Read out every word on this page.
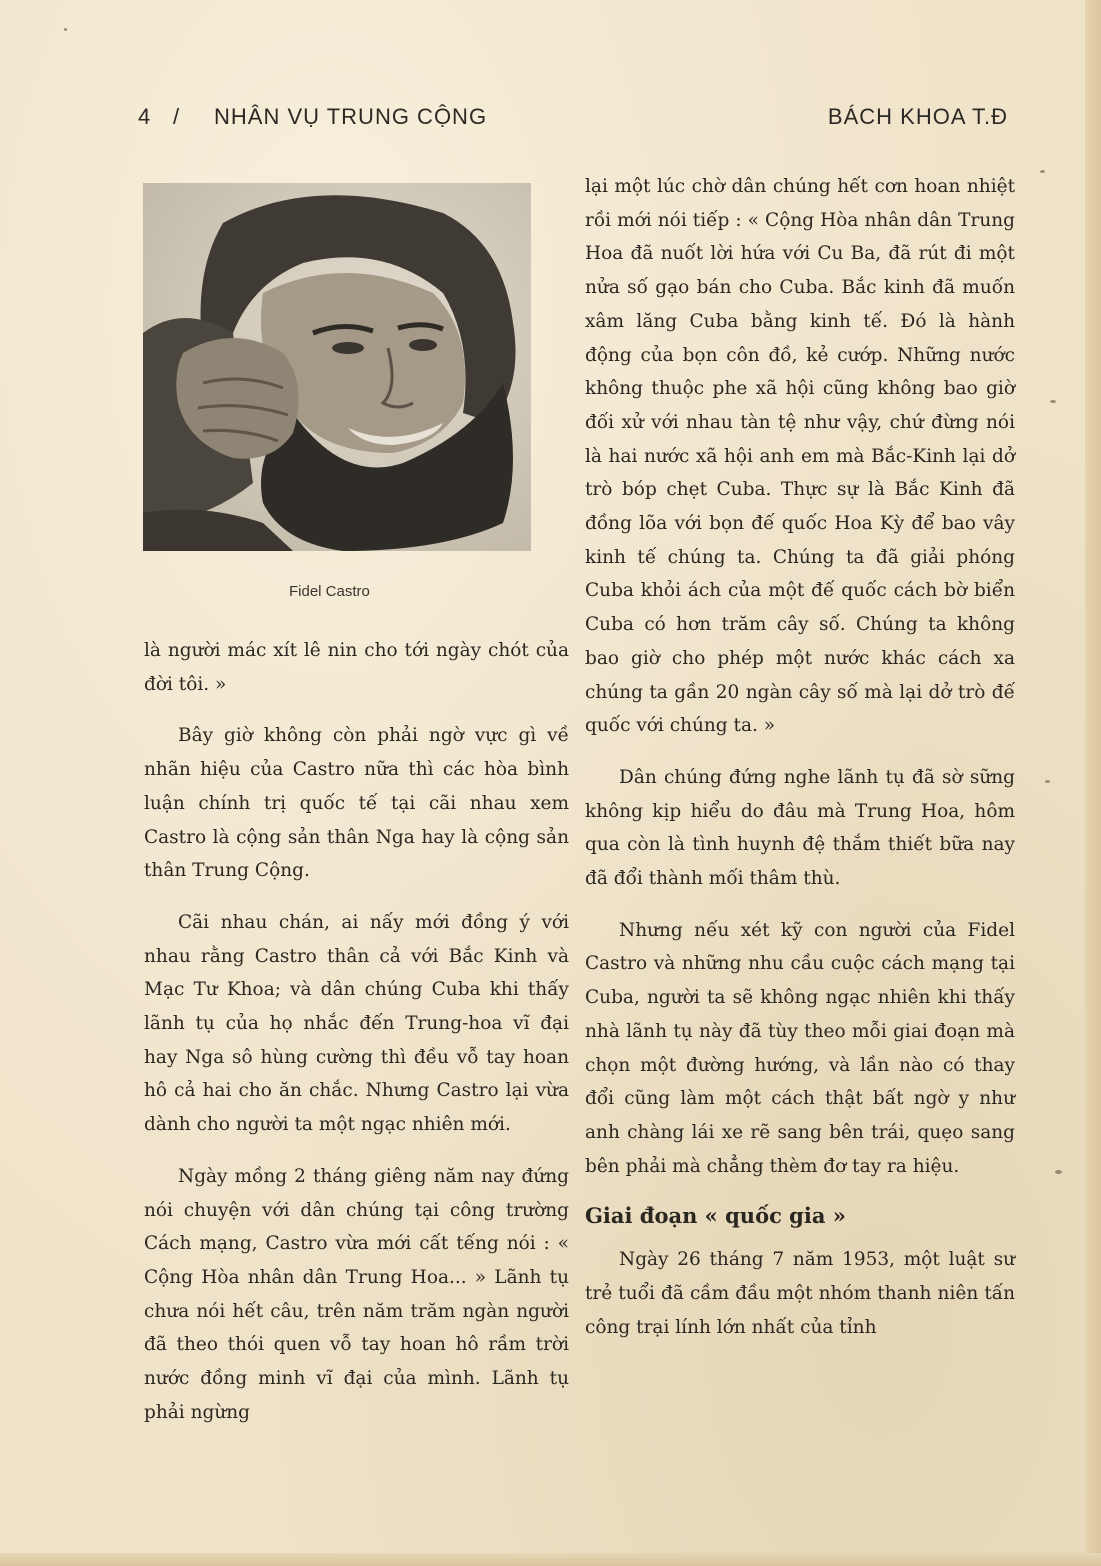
4 / NHÂN VỤ TRUNG CỘNG	BÁCH KHOA T.Đ
Fidel Castro

là người mác xít lê nin cho tới ngày chót của đời tôi. »

Bây giờ không còn phải ngờ vực gì về nhãn hiệu của Castro nữa thì các hòa bình luận chính trị quốc tế tại cãi nhau xem Castro là cộng sản thân Nga hay là cộng sản thân Trung Cộng.

Cãi nhau chán, ai nấy mới đồng ý với nhau rằng Castro thân cả với Bắc Kinh và Mạc Tư Khoa; và dân chúng Cuba khi thấy lãnh tụ của họ nhắc đến Trung-hoa vĩ đại hay Nga sô hùng cường thì đều vỗ tay hoan hô cả hai cho ăn chắc. Nhưng Castro lại vừa dành cho người ta một ngạc nhiên mới.

Ngày mồng 2 tháng giêng năm nay đứng nói chuyện với dân chúng tại công trường Cách mạng, Castro vừa mới cất tếng nói : « Cộng Hòa nhân dân Trung Hoa... » Lãnh tụ chưa nói hết câu, trên năm trăm ngàn người đã theo thói quen vỗ tay hoan hô rầm trời nước đồng minh vĩ đại của mình. Lãnh tụ phải ngừng

lại một lúc chờ dân chúng hết cơn hoan nhiệt rồi mới nói tiếp : « Cộng Hòa nhân dân Trung Hoa đã nuốt lời hứa với Cu Ba, đã rút đi một nửa số gạo bán cho Cuba. Bắc kinh đã muốn xâm lăng Cuba bằng kinh tế. Đó là hành động của bọn côn đồ, kẻ cướp. Những nước không thuộc phe xã hội cũng không bao giờ đối xử với nhau tàn tệ như vậy, chứ đừng nói là hai nước xã hội anh em mà Bắc-Kinh lại dở trò bóp chẹt Cuba. Thực sự là Bắc Kinh đã đồng lõa với bọn đế quốc Hoa Kỳ để bao vây kinh tế chúng ta. Chúng ta đã giải phóng Cuba khỏi ách của một đế quốc cách bờ biển Cuba có hơn trăm cây số. Chúng ta không bao giờ cho phép một nước khác cách xa chúng ta gần 20 ngàn cây số mà lại dở trò đế quốc với chúng ta. »

Dân chúng đứng nghe lãnh tụ đã sờ sững không kịp hiểu do đâu mà Trung Hoa, hôm qua còn là tình huynh đệ thắm thiết bữa nay đã đổi thành mối thâm thù.

Nhưng nếu xét kỹ con người của Fidel Castro và những nhu cầu cuộc cách mạng tại Cuba, người ta sẽ không ngạc nhiên khi thấy nhà lãnh tụ này đã tùy theo mỗi giai đoạn mà chọn một đường hướng, và lần nào có thay đổi cũng làm một cách thật bất ngờ y như anh chàng lái xe rẽ sang bên trái, quẹo sang bên phải mà chẳng thèm đơ tay ra hiệu.

Giai đoạn « quốc gia »

Ngày 26 tháng 7 năm 1953, một luật sư trẻ tuổi đã cầm đầu một nhóm thanh niên tấn công trại lính lớn nhất của tỉnh
